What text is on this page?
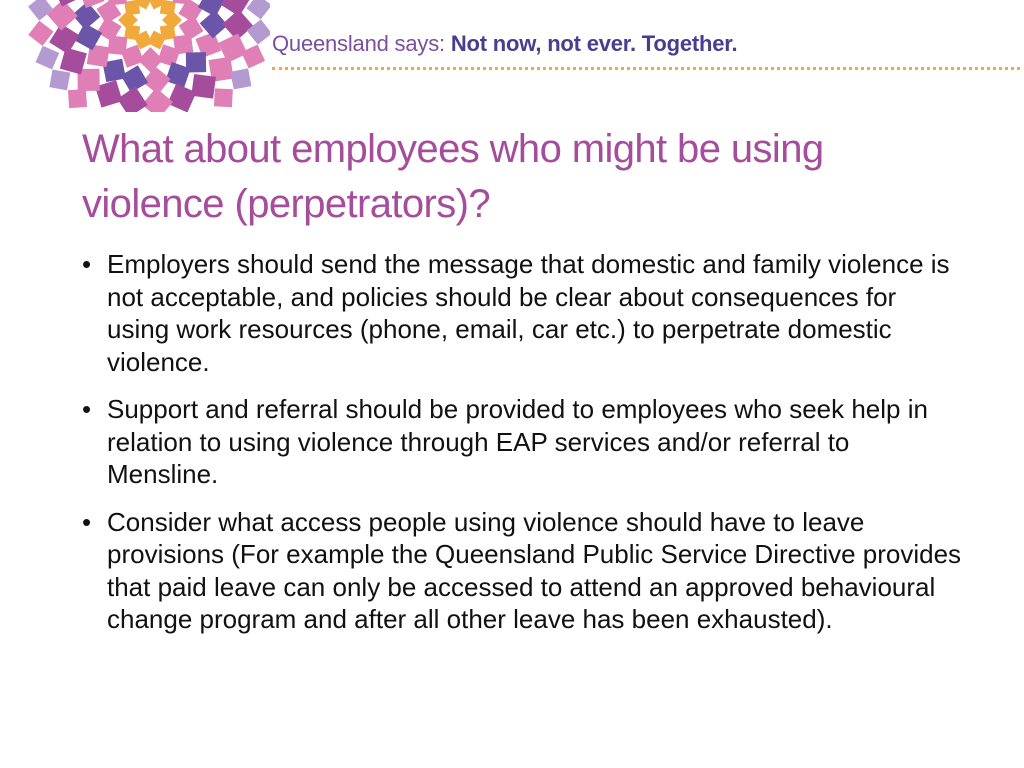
Queensland says: Not now, not ever. Together.
What about employees who might be using violence (perpetrators)?
• Employers should send the message that domestic and family violence is not acceptable, and policies should be clear about consequences for using work resources (phone, email, car etc.) to perpetrate domestic violence.
• Support and referral should be provided to employees who seek help in relation to using violence through EAP services and/or referral to Mensline.
• Consider what access people using violence should have to leave provisions (For example the Queensland Public Service Directive provides that paid leave can only be accessed to attend an approved behavioural change program and after all other leave has been exhausted).
